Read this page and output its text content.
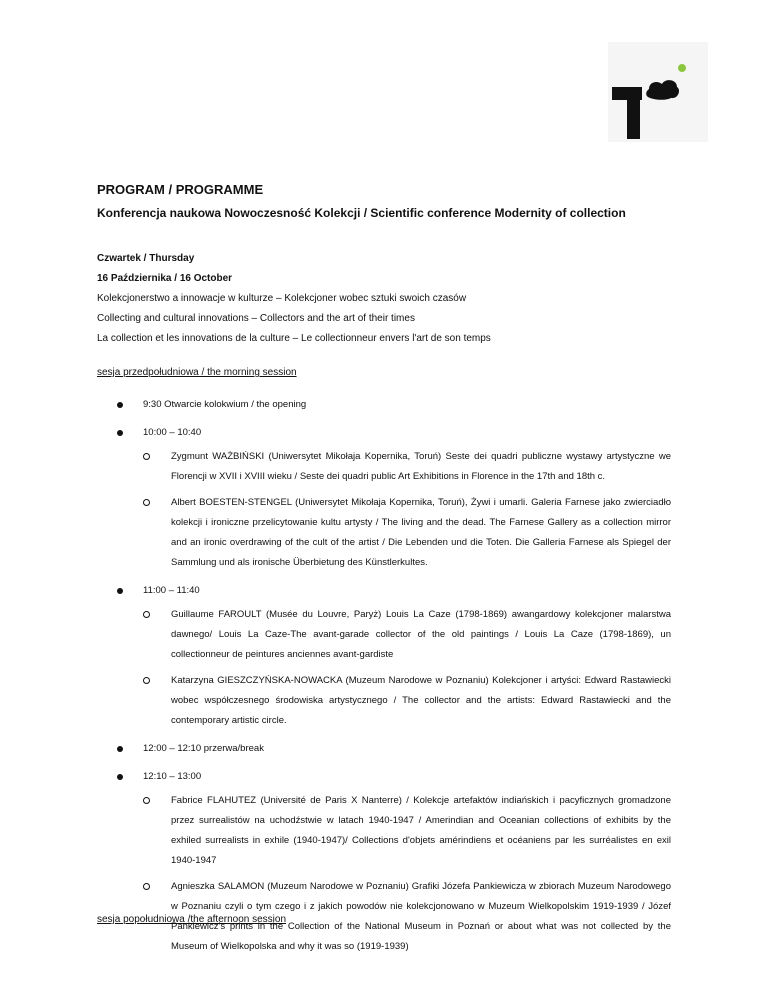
PROGRAM / PROGRAMME
Konferencja naukowa Nowoczesność Kolekcji / Scientific conference Modernity of collection
Czwartek / Thursday
16 Października / 16 October
Kolekcjonerstwo a innowacje w kulturze – Kolekcjoner wobec sztuki swoich czasów
Collecting and cultural innovations – Collectors and the art of their times
La collection et les innovations de la culture – Le collectionneur envers l'art de son temps
sesja przedpołudniowa / the morning session
9:30 Otwarcie kolokwium / the opening
10:00 – 10:40
Zygmunt WAŻBIŃSKI (Uniwersytet Mikołaja Kopernika, Toruń) Seste dei quadri publiczne wystawy artystyczne we Florencji w XVII i XVIII wieku / Seste dei quadri public Art Exhibitions in Florence in the 17th and 18th c.
Albert BOESTEN-STENGEL (Uniwersytet Mikołaja Kopernika, Toruń), Żywi i umarli. Galeria Farnese jako zwierciadło kolekcji i ironiczne przelicytowanie kultu artysty / The living and the dead. The Farnese Gallery as a collection mirror and an ironic overdrawing of the cult of the artist / Die Lebenden und die Toten. Die Galleria Farnese als Spiegel der Sammlung und als ironische Überbietung des Künstlerkultes.
11:00 – 11:40
Guillaume FAROULT (Musée du Louvre, Paryż) Louis La Caze (1798-1869) awangardowy kolekcjoner malarstwa dawnego/ Louis La Caze-The avant-garade collector of the old paintings / Louis La Caze (1798-1869), un collectionneur de peintures anciennes avant-gardiste
Katarzyna GIESZCZYŃSKA-NOWACKA (Muzeum Narodowe w Poznaniu) Kolekcjoner i artyści: Edward Rastawiecki wobec współczesnego środowiska artystycznego / The collector and the artists: Edward Rastawiecki and the contemporary artistic circle.
12:00 – 12:10 przerwa/break
12:10 – 13:00
Fabrice FLAHUTEZ (Université de Paris X Nanterre) / Kolekcje artefaktów indiańskich i pacyficznych gromadzone przez surrealistów na uchodźstwie w latach 1940-1947 / Amerindian and Oceanian collections of exhibits by the exhiled surrealists in exhile (1940-1947)/ Collections d'objets amérindiens et océaniens par les surréalistes en exil 1940-1947
Agnieszka SALAMON (Muzeum Narodowe w Poznaniu) Grafiki Józefa Pankiewicza w zbiorach Muzeum Narodowego w Poznaniu czyli o tym czego i z jakich powodów nie kolekcjonowano w Muzeum Wielkopolskim 1919-1939 / Józef Pankiewicz's prints in the Collection of the National Museum in Poznań or about what was not collected by the Museum of Wielkopolska and why it was so (1919-1939)
sesja popołudniowa /the afternoon session
